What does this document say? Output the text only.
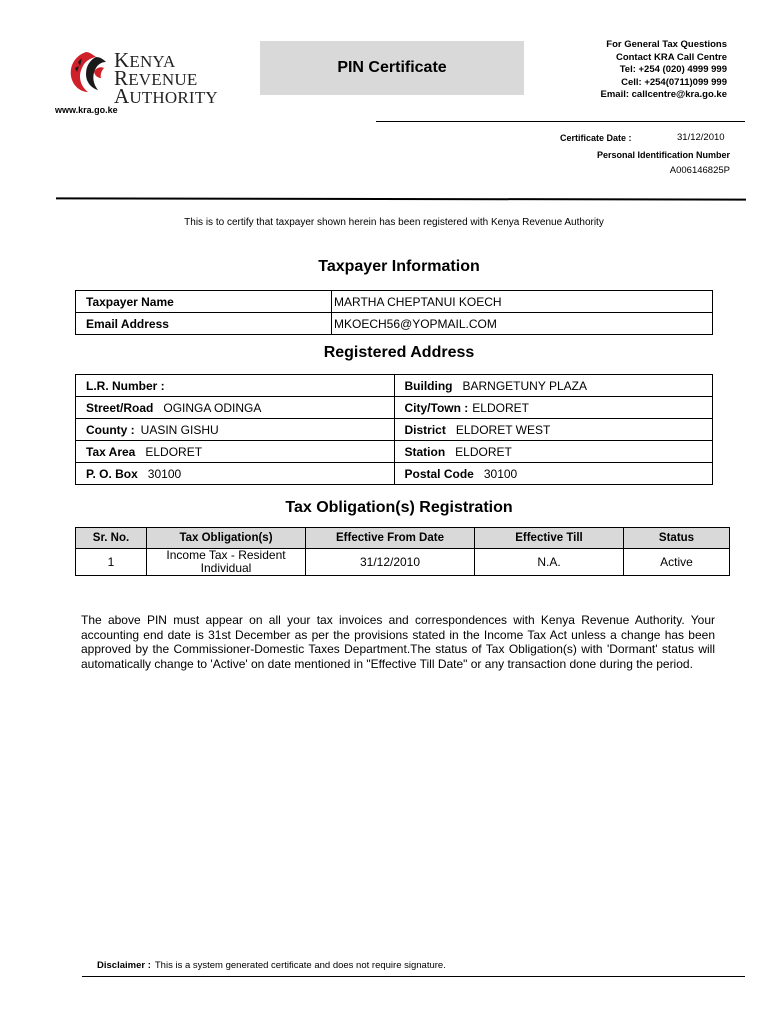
KENYA REVENUE
AUTHORITY
www.kra.go.ke
PIN Certificate
For General Tax Questions
Contact KRA Call Centre
Tel: +254 (020) 4999 999
Cell: +254(0711)099 999
Email: callcentre@kra.go.ke
Certificate Date :	31/12/2010
Personal Identification Number
A006146825P
This is to certify that taxpayer shown herein has been registered with Kenya Revenue Authority
Taxpayer Information
Taxpayer Name	MARTHA CHEPTANUI KOECH
Email Address	MKOECH56@YOPMAIL.COM
Registered Address
L.R. Number :	Building BARNGETUNY PLAZA
Street/Road OGINGA ODINGA	City/Town : ELDORET
County : UASIN GISHU	District ELDORET WEST
Tax Area ELDORET	Station ELDORET
P. O. Box 30100	Postal Code 30100
Tax Obligation(s) Registration
Sr. No.	Tax Obligation(s)	Effective From Date	Effective Till	Status
1	Income Tax - Resident Individual	31/12/2010	N.A.	Active
The above PIN must appear on all your tax invoices and correspondences with Kenya Revenue Authority. Your accounting end date is 31st December as per the provisions stated in the Income Tax Act unless a change has been approved by the Commissioner-Domestic Taxes Department.The status of Tax Obligation(s) with 'Dormant' status will automatically change to 'Active' on date mentioned in "Effective Till Date" or any transaction done during the period.
Disclaimer : This is a system generated certificate and does not require signature.
